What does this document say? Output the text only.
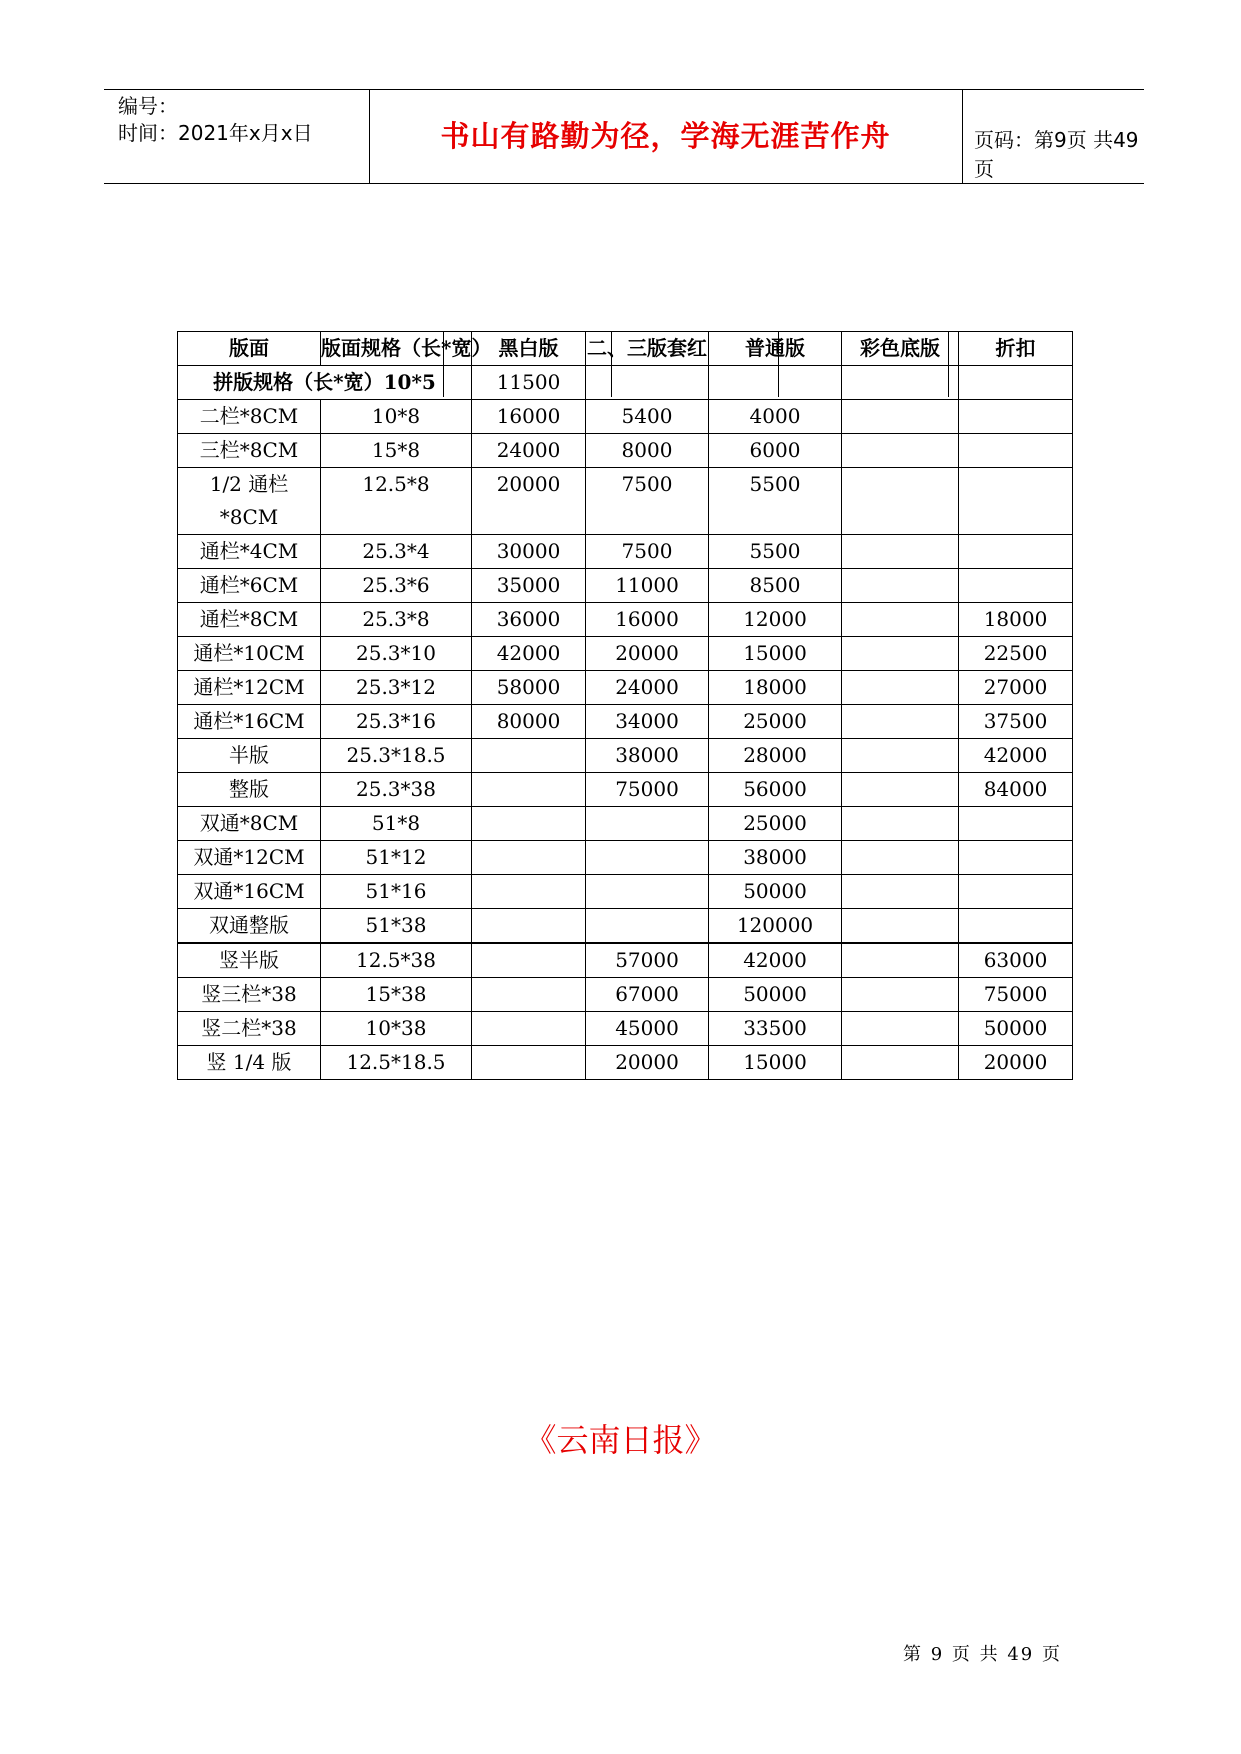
编号：
时间：2021年x月x日	书山有路勤为径，学海无涯苦作舟	页码：第9页 共49页
版面	版面规格（长*宽）	黑白版	二、三版套红	普通版	彩色底版	折扣
拼版规格（长*宽）10*5		11500				
二栏*8CM	10*8	16000	5400	4000		
三栏*8CM	15*8	24000	8000	6000		
1/2 通栏 *8CM	12.5*8	20000	7500	5500		
通栏*4CM	25.3*4	30000	7500	5500		
通栏*6CM	25.3*6	35000	11000	8500		
通栏*8CM	25.3*8	36000	16000	12000		18000
通栏*10CM	25.3*10	42000	20000	15000		22500
通栏*12CM	25.3*12	58000	24000	18000		27000
通栏*16CM	25.3*16	80000	34000	25000		37500
半版	25.3*18.5		38000	28000		42000
整版	25.3*38		75000	56000		84000
双通*8CM	51*8			25000		
双通*12CM	51*12			38000		
双通*16CM	51*16			50000		
双通整版	51*38			120000		
竖半版	12.5*38		57000	42000		63000
竖三栏*38	15*38		67000	50000		75000
竖二栏*38	10*38		45000	33500		50000
竖 1/4 版	12.5*18.5		20000	15000		20000
《云南日报》
第 9 页 共 49 页
